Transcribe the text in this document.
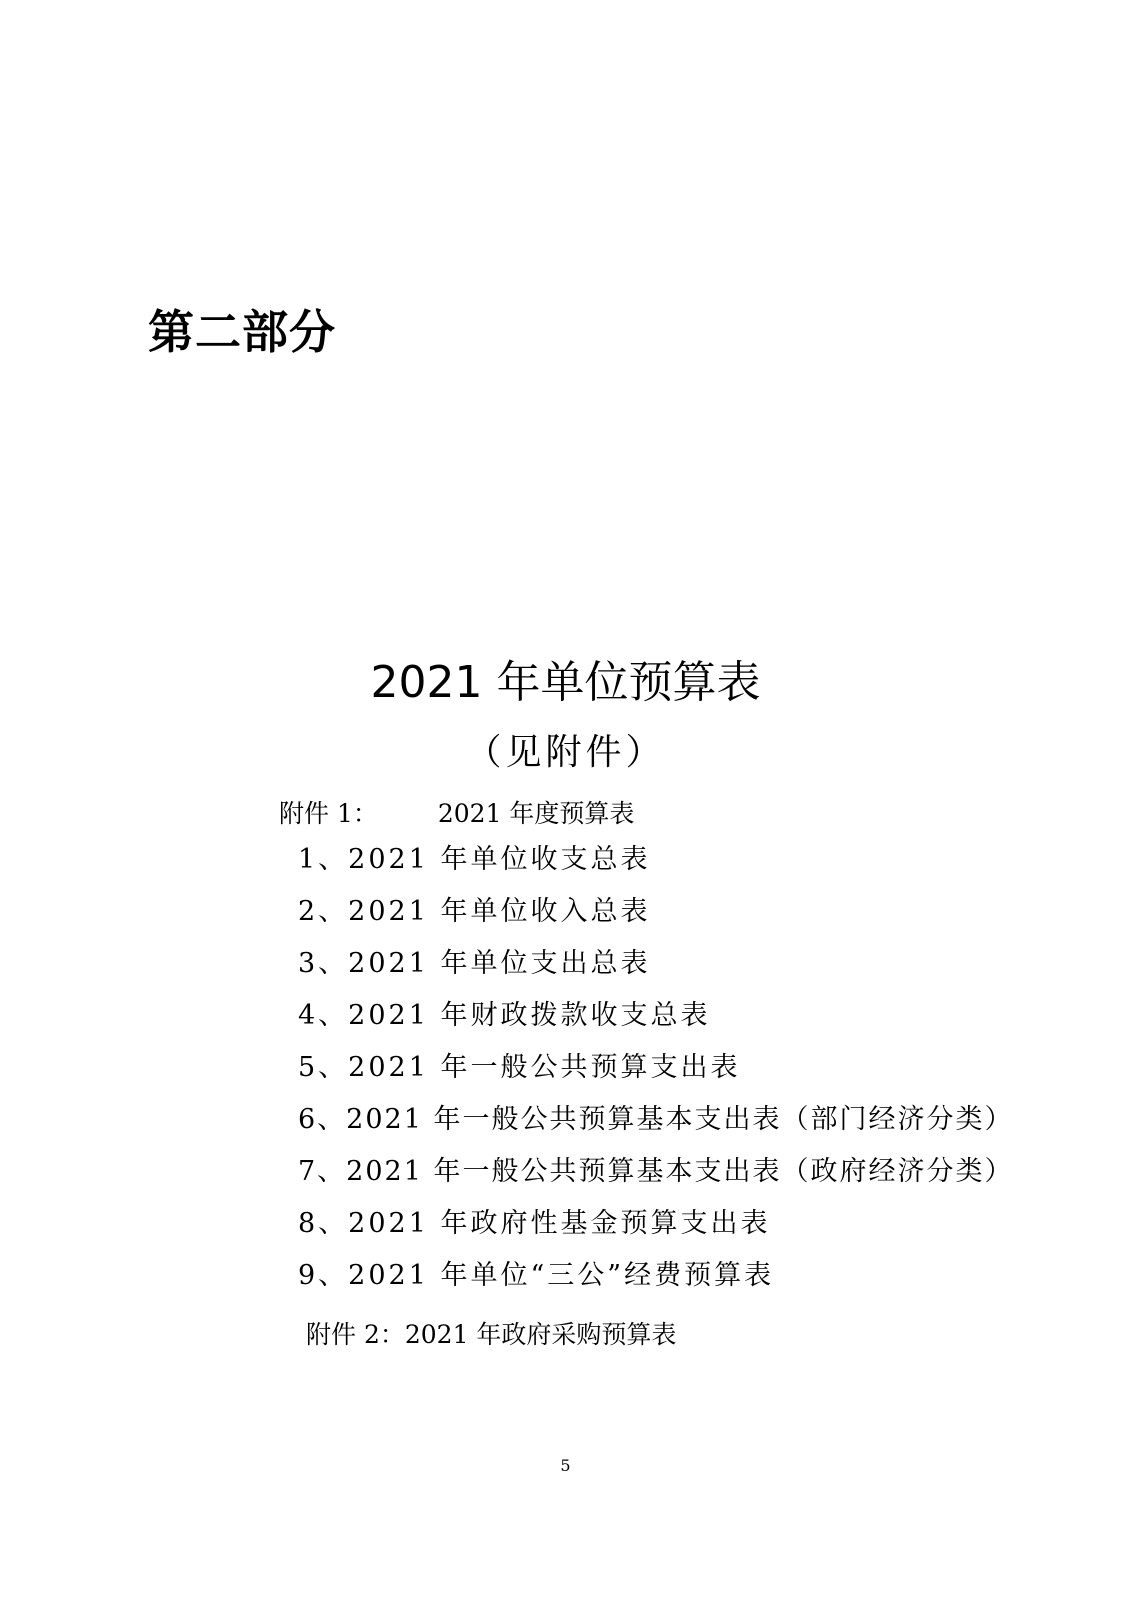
第二部分
2021 年单位预算表
（见附件）
附件 1： 2021 年度预算表
1、2021 年单位收支总表
2、2021 年单位收入总表
3、2021 年单位支出总表
4、2021 年财政拨款收支总表
5、2021 年一般公共预算支出表
6、2021 年一般公共预算基本支出表（部门经济分类）
7、2021 年一般公共预算基本支出表（政府经济分类）
8、2021 年政府性基金预算支出表
9、2021 年单位“三公”经费预算表
附件 2：2021 年政府采购预算表
5
